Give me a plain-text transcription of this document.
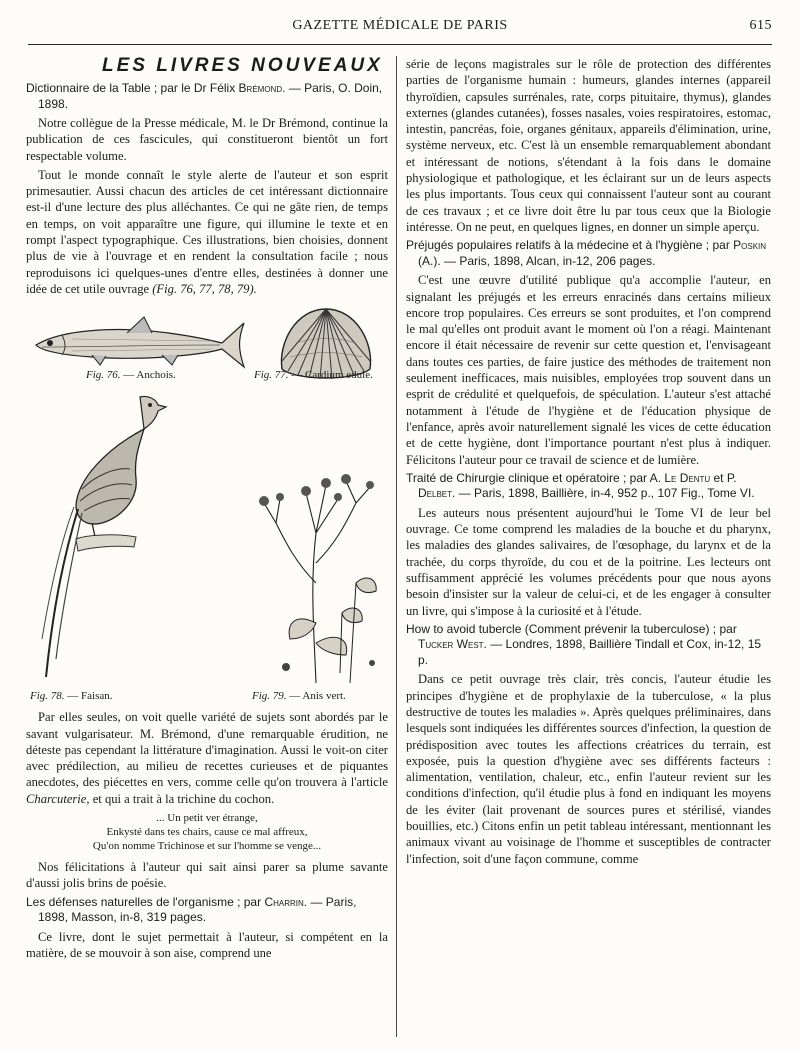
GAZETTE MÉDICALE DE PARIS	615
LES LIVRES NOUVEAUX
Dictionnaire de la Table ; par le Dr Félix Brémond. — Paris, O. Doin, 1898.

Notre collègue de la Presse médicale, M. le Dr Brémond, continue la publication de ces fascicules, qui constitueront bientôt un fort respectable volume.

Tout le monde connaît le style alerte de l'auteur et son esprit primesautier. Aussi chacun des articles de cet intéressant dictionnaire est-il d'une lecture des plus alléchantes. Ce qui ne gâte rien, de temps en temps, on voit apparaître une figure, qui illumine le texte et en rompt l'aspect typographique. Ces illustrations, bien choisies, donnent plus de vie à l'ouvrage et en rendent la consultation facile ; nous reproduisons ici quelques-unes d'entre elles, destinées à donner une idée de cet utile ouvrage (Fig. 76, 77, 78, 79).

Fig. 76. — Anchois.	Fig. 77. — Cardium edule.
Fig. 78. — Faisan.	Fig. 79. — Anis vert.

Par elles seules, on voit quelle variété de sujets sont abordés par le savant vulgarisateur. M. Brémond, d'une remarquable érudition, ne déteste pas cependant la littérature d'imagination. Aussi le voit-on citer avec prédilection, au milieu de recettes curieuses et de piquantes anecdotes, des piécettes en vers, comme celle qu'on trouvera à l'article Charcuterie, et qui a trait à la trichine du cochon.

... Un petit ver étrange,
Enkysté dans tes chairs, cause ce mal affreux,
Qu'on nomme Trichinose et sur l'homme se venge...

Nos félicitations à l'auteur qui sait ainsi parer sa plume savante d'aussi jolis brins de poésie.

Les défenses naturelles de l'organisme ; par Charrin. — Paris, 1898, Masson, in-8, 319 pages.

Ce livre, dont le sujet permettait à l'auteur, si compétent en la matière, de se mouvoir à son aise, comprend une

série de leçons magistrales sur le rôle de protection des différentes parties de l'organisme humain : humeurs, glandes internes (appareil thyroïdien, capsules surrénales, rate, corps pituitaire, thymus), glandes externes (glandes cutanées), fosses nasales, voies respiratoires, estomac, intestin, pancréas, foie, organes génitaux, appareils d'élimination, urine, système nerveux, etc. C'est là un ensemble remarquablement abondant et intéressant de notions, s'étendant à la fois dans le domaine physiologique et pathologique, et les éclairant sur un de leurs aspects les plus importants. Tous ceux qui connaissent l'auteur sont au courant de ces travaux ; et ce livre doit être lu par tous ceux que la Biologie intéresse. On ne peut, en quelques lignes, en donner un simple aperçu.

Préjugés populaires relatifs à la médecine et à l'hygiène ; par Poskin (A.). — Paris, 1898, Alcan, in-12, 206 pages.

C'est une œuvre d'utilité publique qu'a accomplie l'auteur, en signalant les préjugés et les erreurs enracinés dans certains milieux encore trop populaires. Ces erreurs se sont produites, et l'on comprend le mal qu'elles ont produit avant le moment où l'on a réagi. Maintenant encore il était nécessaire de revenir sur cette question et, l'envisageant dans toutes ces parties, de faire justice des méthodes de traitement non seulement inefficaces, mais nuisibles, employées trop souvent dans un esprit de crédulité et quelquefois, de spéculation. L'auteur s'est attaché notamment à l'étude de l'hygiène et de l'éducation physique de l'enfance, après avoir naturellement signalé les vices de cette éducation et de cette hygiène, dont l'importance pourtant n'est plus à indiquer. Félicitons l'auteur pour ce travail de science et de lumière.

Traité de Chirurgie clinique et opératoire ; par A. Le Dentu et P. Delbet. — Paris, 1898, Baillière, in-4, 952 p., 107 Fig., Tome VI.

Les auteurs nous présentent aujourd'hui le Tome VI de leur bel ouvrage. Ce tome comprend les maladies de la bouche et du pharynx, les maladies des glandes salivaires, de l'œsophage, du larynx et de la trachée, du corps thyroïde, du cou et de la poitrine. Les lecteurs ont suffisamment apprécié les volumes précédents pour que nous ayons besoin d'insister sur la valeur de celui-ci, et de les engager à consulter un livre, qui s'impose à la curiosité et à l'étude.

How to avoid tubercle (Comment prévenir la tuberculose) ; par Tucker West. — Londres, 1898, Baillière Tindall et Cox, in-12, 15 p.

Dans ce petit ouvrage très clair, très concis, l'auteur étudie les principes d'hygiène et de prophylaxie de la tuberculose, « la plus destructive de toutes les maladies ». Après quelques préliminaires, dans lesquels sont indiquées les différentes sources d'infection, la question de prédisposition avec toutes les affections créatrices du terrain, est exposée, puis la question d'hygiène avec ses différents facteurs : alimentation, ventilation, chaleur, etc., enfin l'auteur revient sur les conditions d'infection, qu'il étudie plus à fond en indiquant les moyens de les éviter (lait provenant de sources pures et stérilisé, viandes bouillies, etc.) Citons enfin un petit tableau intéressant, mentionnant les animaux vivant au voisinage de l'homme et susceptibles de contracter l'infection, soit d'une façon commune, comme
